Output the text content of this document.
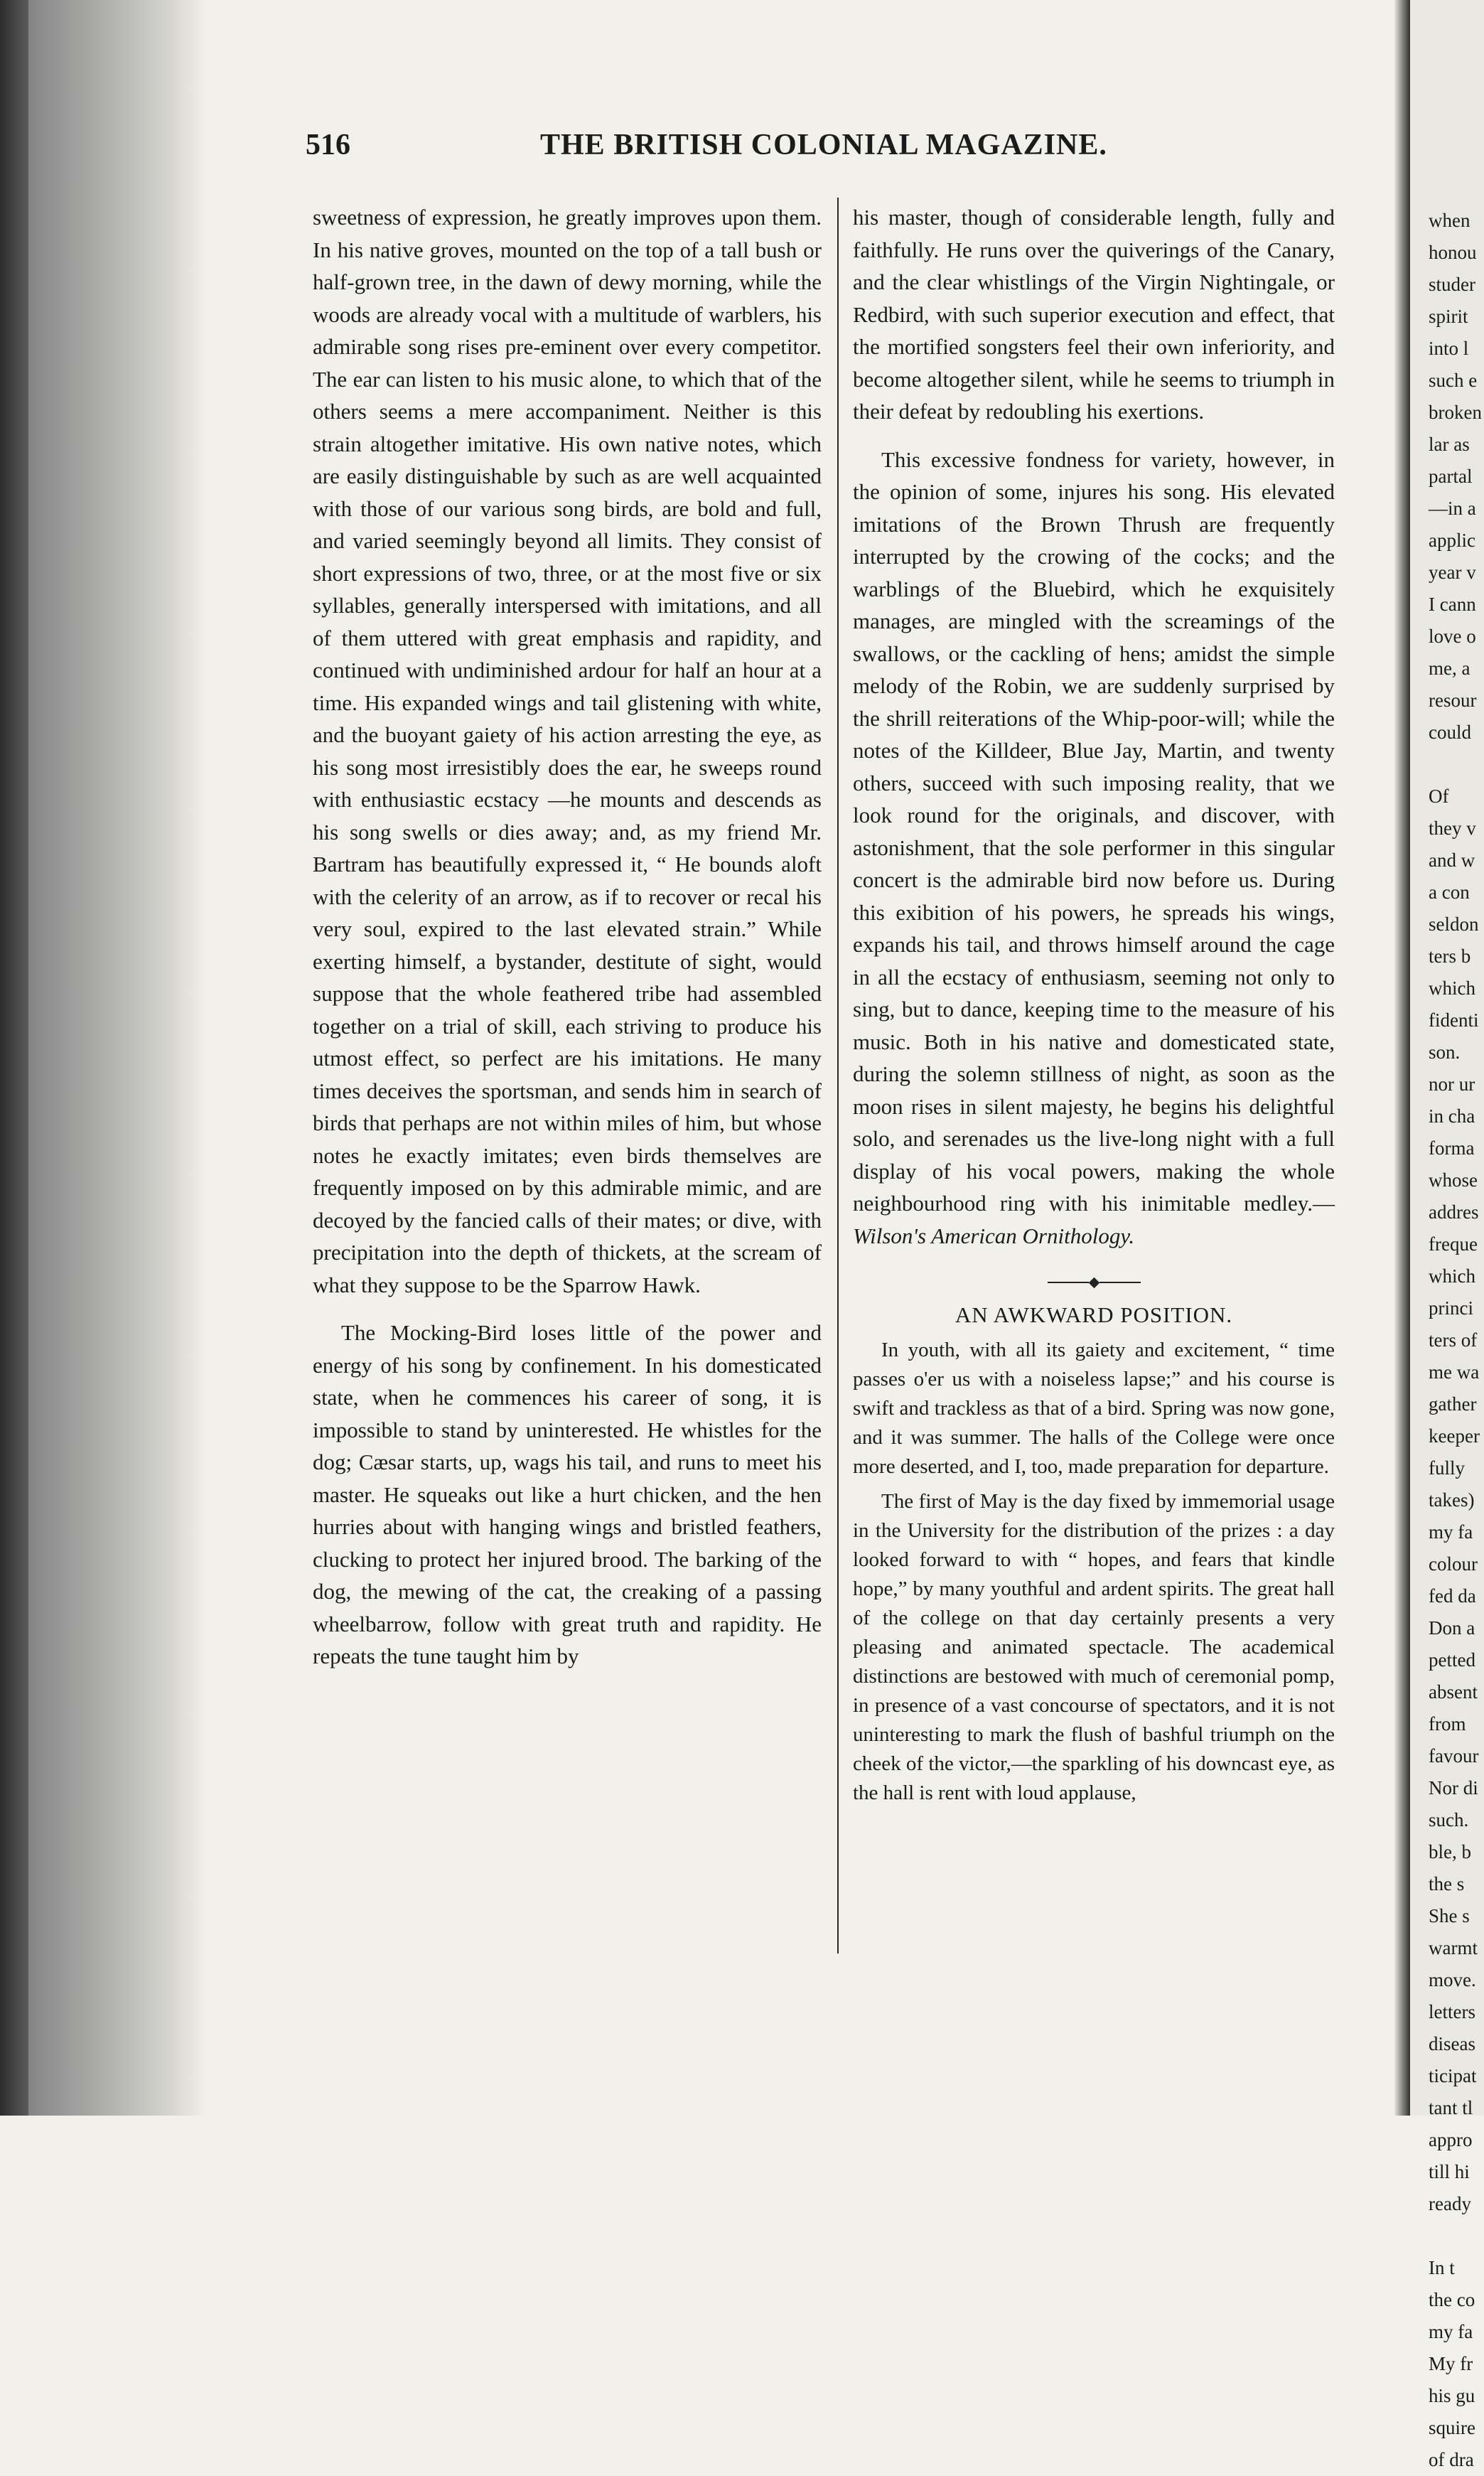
516	THE BRITISH COLONIAL MAGAZINE.

sweetness of expression, he greatly improves upon them. In his native groves, mounted on the top of a tall bush or half-grown tree, in the dawn of dewy morning, while the woods are already vocal with a multitude of warblers, his admirable song rises pre-eminent over every competitor. The ear can listen to his music alone, to which that of the others seems a mere accompaniment. Neither is this strain altogether imitative. His own native notes, which are easily distinguishable by such as are well acquainted with those of our various song birds, are bold and full, and varied seemingly beyond all limits. They consist of short expressions of two, three, or at the most five or six syllables, generally interspersed with imitations, and all of them uttered with great emphasis and rapidity, and continued with undiminished ardour for half an hour at a time. His expanded wings and tail glistening with white, and the buoyant gaiety of his action arresting the eye, as his song most irresistibly does the ear, he sweeps round with enthusiastic ecstacy —he mounts and descends as his song swells or dies away; and, as my friend Mr. Bartram has beautifully expressed it, “ He bounds aloft with the celerity of an arrow, as if to recover or recal his very soul, expired to the last elevated strain.” While exerting himself, a bystander, destitute of sight, would suppose that the whole feathered tribe had assembled together on a trial of skill, each striving to produce his utmost effect, so perfect are his imitations. He many times deceives the sportsman, and sends him in search of birds that perhaps are not within miles of him, but whose notes he exactly imitates; even birds themselves are frequently imposed on by this admirable mimic, and are decoyed by the fancied calls of their mates; or dive, with precipitation into the depth of thickets, at the scream of what they suppose to be the Sparrow Hawk.

The Mocking-Bird loses little of the power and energy of his song by confinement. In his domesticated state, when he commences his career of song, it is impossible to stand by uninterested. He whistles for the dog; Cæsar starts, up, wags his tail, and runs to meet his master. He squeaks out like a hurt chicken, and the hen hurries about with hanging wings and bristled feathers, clucking to protect her injured brood. The barking of the dog, the mewing of the cat, the creaking of a passing wheelbarrow, follow with great truth and rapidity. He repeats the tune taught him by

his master, though of considerable length, fully and faithfully. He runs over the quiverings of the Canary, and the clear whistlings of the Virgin Nightingale, or Redbird, with such superior execution and effect, that the mortified songsters feel their own inferiority, and become altogether silent, while he seems to triumph in their defeat by redoubling his exertions.

This excessive fondness for variety, however, in the opinion of some, injures his song. His elevated imitations of the Brown Thrush are frequently interrupted by the crowing of the cocks; and the warblings of the Bluebird, which he exquisitely manages, are mingled with the screamings of the swallows, or the cackling of hens; amidst the simple melody of the Robin, we are suddenly surprised by the shrill reiterations of the Whip-poor-will; while the notes of the Killdeer, Blue Jay, Martin, and twenty others, succeed with such imposing reality, that we look round for the originals, and discover, with astonishment, that the sole performer in this singular concert is the admirable bird now before us. During this exibition of his powers, he spreads his wings, expands his tail, and throws himself around the cage in all the ecstacy of enthusiasm, seeming not only to sing, but to dance, keeping time to the measure of his music. Both in his native and domesticated state, during the solemn stillness of night, as soon as the moon rises in silent majesty, he begins his delightful solo, and serenades us the live-long night with a full display of his vocal powers, making the whole neighbourhood ring with his inimitable medley.—Wilson's American Ornithology.

AN AWKWARD POSITION.

In youth, with all its gaiety and excitement, “ time passes o'er us with a noiseless lapse;” and his course is swift and trackless as that of a bird. Spring was now gone, and it was summer. The halls of the College were once more deserted, and I, too, made preparation for departure.

The first of May is the day fixed by immemorial usage in the University for the distribution of the prizes : a day looked forward to with “ hopes, and fears that kindle hope,” by many youthful and ardent spirits. The great hall of the college on that day certainly presents a very pleasing and animated spectacle. The academical distinctions are bestowed with much of ceremonial pomp, in presence of a vast concourse of spectators, and it is not uninteresting to mark the flush of bashful triumph on the cheek of the victor,—the sparkling of his downcast eye, as the hall is rent with loud applause,

when
honou
studer
spirit
into l
such e
broken
lar as
partal
—in a
applic
year v
I cann
love o
me, a
resour
could

Of
they v
and w
a con
seldon
ters b
which
fidenti
son.
nor ur
in cha
forma
whose
addres
freque
which
princi
ters of
me wa
gather
keeper
fully
takes)
my fa
colour
fed da
Don a
petted
absent
from
favour
Nor di
such.
ble, b
the s
She s
warmt
move.
letters
diseas
ticipat
tant tl
appro
till hi
ready

In t
the co
my fa
My fr
his gu
squire
of dra
